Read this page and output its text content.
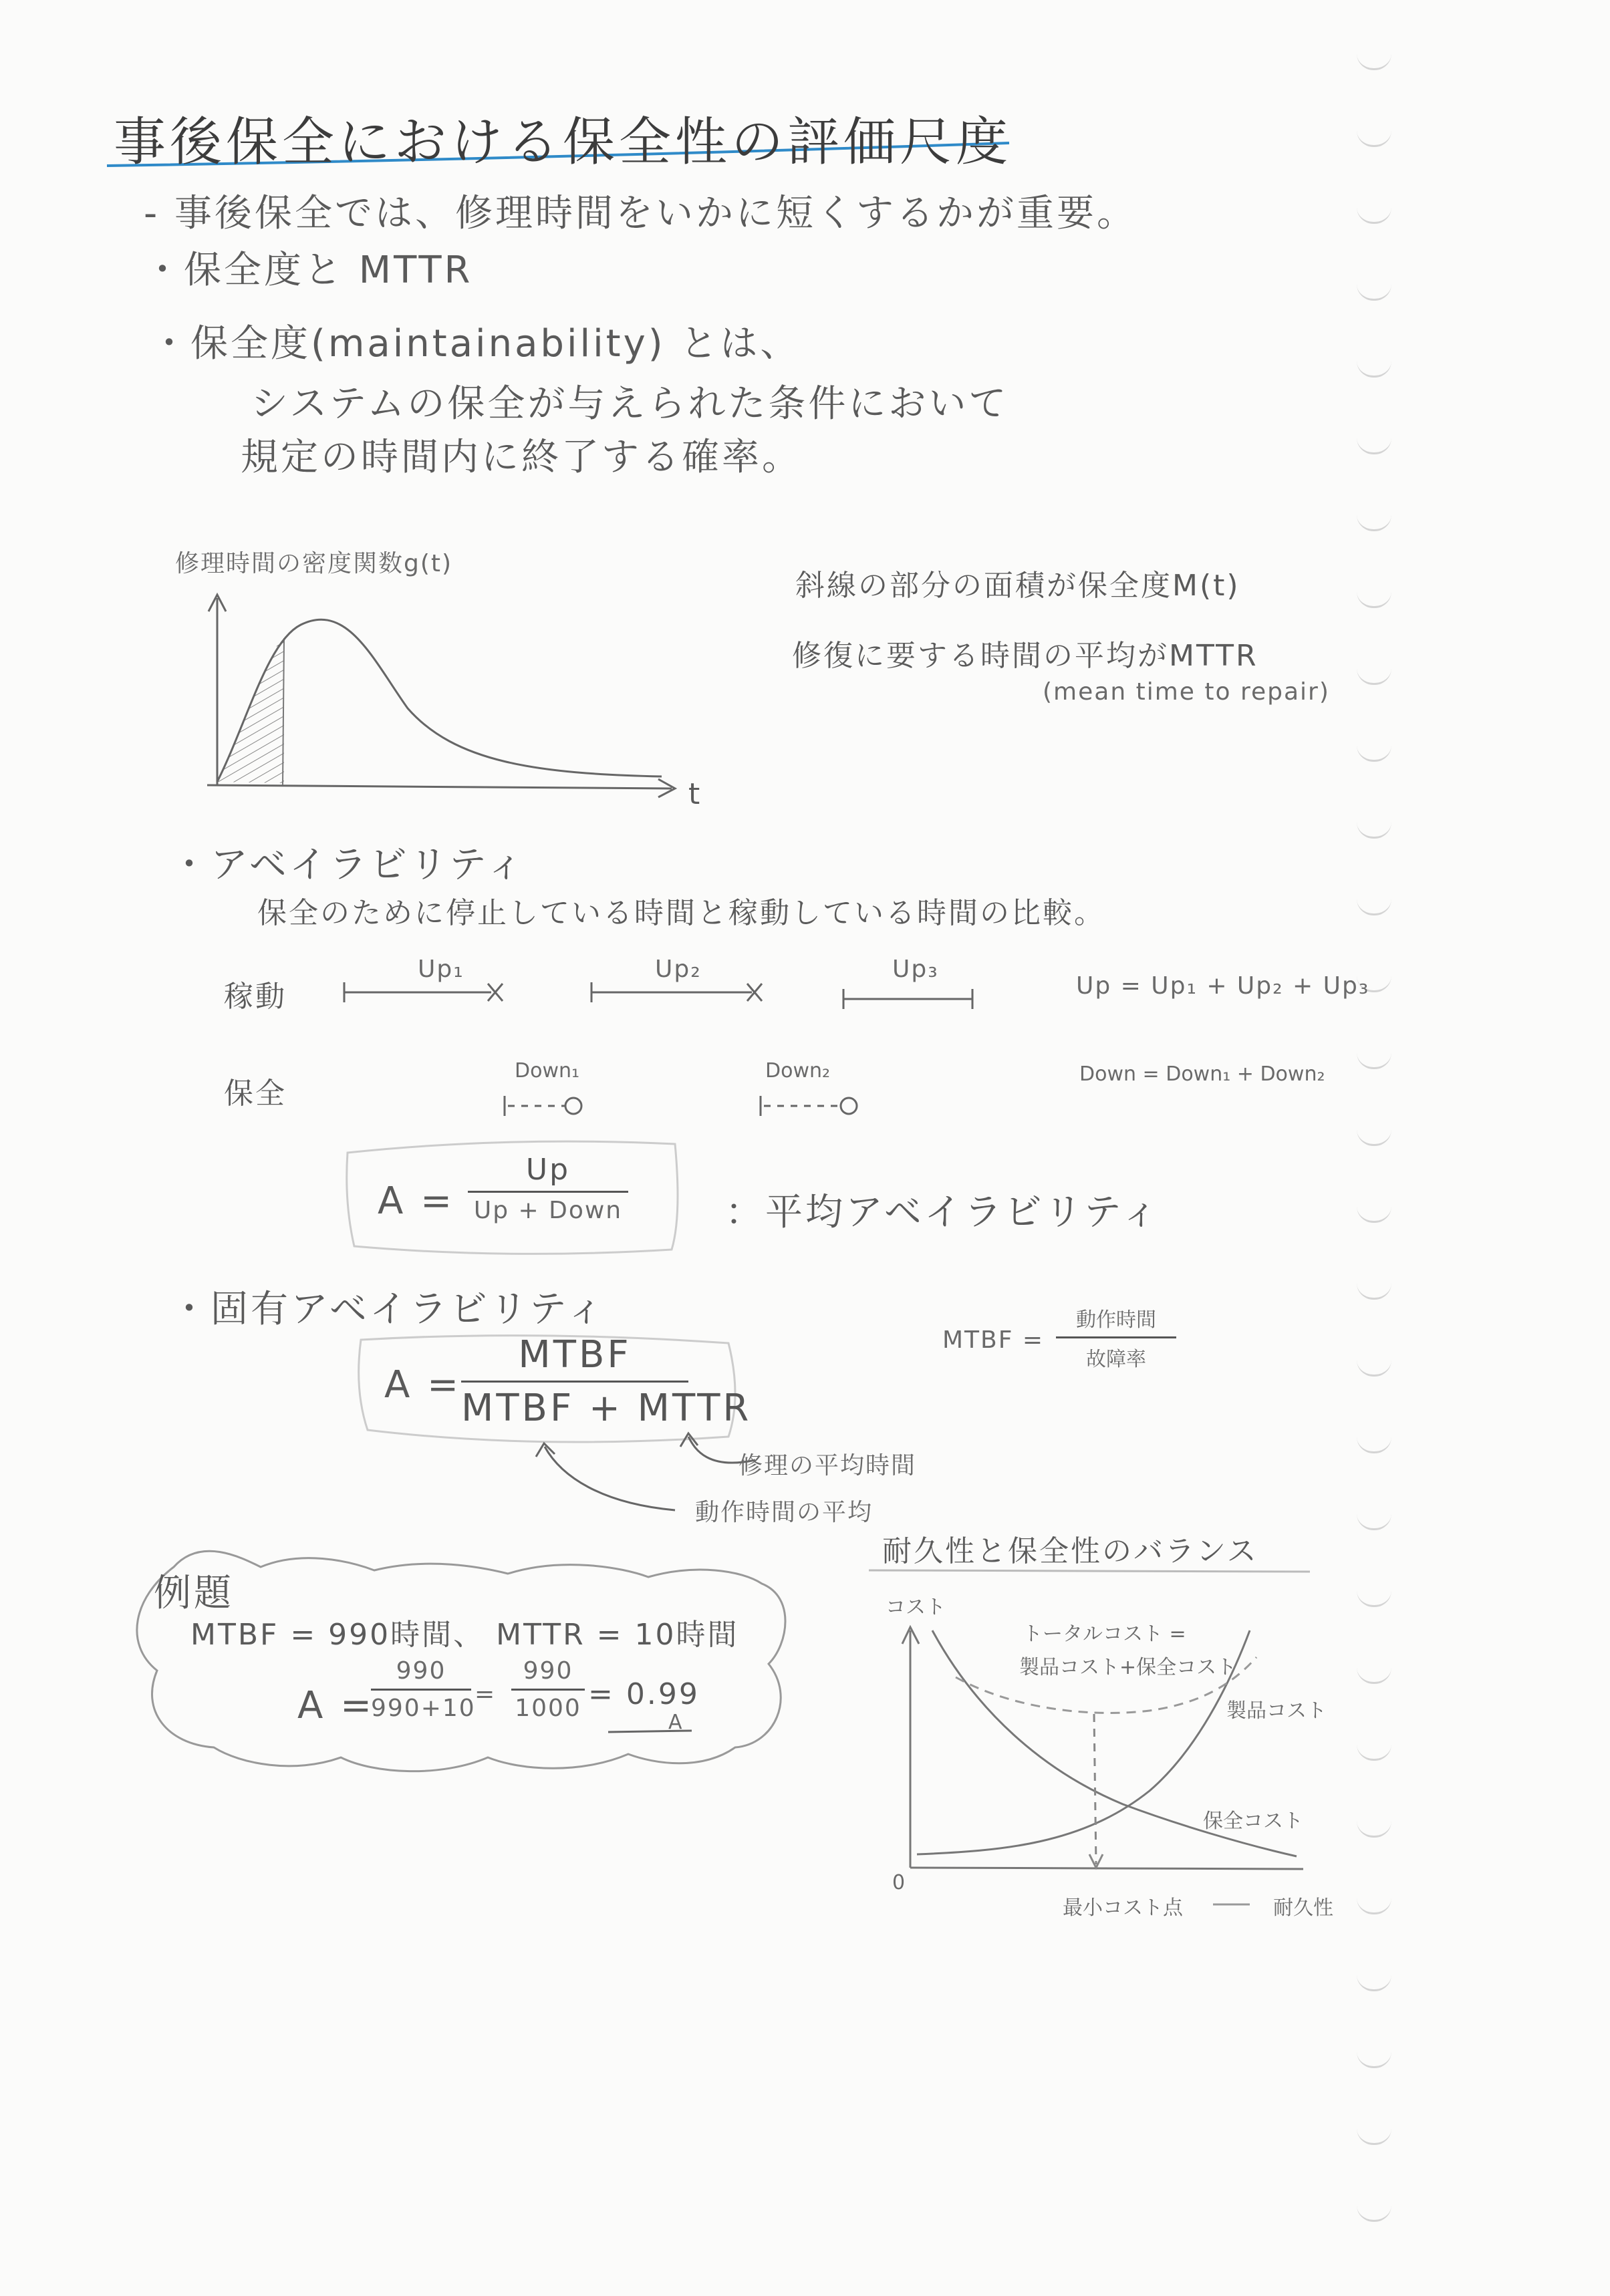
事後保全における保全性の評価尺度
- 事後保全では、修理時間をいかに短くするかが重要。
・保全度と MTTR
・保全度(maintainability) とは、
システムの保全が与えられた条件において
規定の時間内に終了する確率。
修理時間の密度関数g(t)
t
斜線の部分の面積が保全度M(t)
修復に要する時間の平均がMTTR
(mean time to repair)
・アベイラビリティ
保全のために停止している時間と稼動している時間の比較。
稼動
保全
Up₁	Up₂	Up₃
Down₁	Down₂
Up = Up₁ + Up₂ + Up₃
Down = Down₁ + Down₂
A =
Up
Up + Down	：平均アベイラビリティ
・固有アベイラビリティ
A =
MTBF
MTBF + MTTR
修理の平均時間
動作時間の平均
MTBF =
動作時間
故障率
例題
MTBF = 990時間、 MTTR = 10時間
A =
990
990+10
=
990
1000 = 0.99
A
耐久性と保全性のバランス
コスト
トータルコスト =
製品コスト+保全コスト
製品コスト
保全コスト
最小コスト点	耐久性
0
